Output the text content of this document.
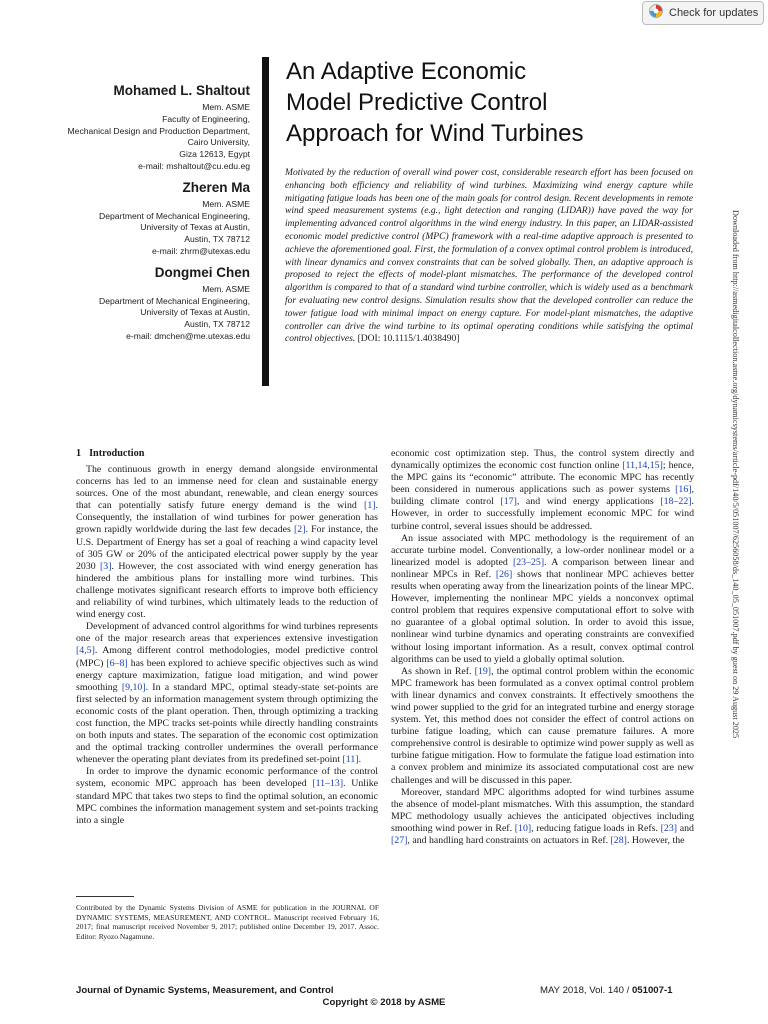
Check for updates
Mohamed L. Shaltout
Mem. ASME
Faculty of Engineering,
Mechanical Design and Production Department,
Cairo University,
Giza 12613, Egypt
e-mail: mshaltout@cu.edu.eg
Zheren Ma
Mem. ASME
Department of Mechanical Engineering,
University of Texas at Austin,
Austin, TX 78712
e-mail: zhrm@utexas.edu
Dongmei Chen
Mem. ASME
Department of Mechanical Engineering,
University of Texas at Austin,
Austin, TX 78712
e-mail: dmchen@me.utexas.edu
An Adaptive Economic
Model Predictive Control
Approach for Wind Turbines

Motivated by the reduction of overall wind power cost, considerable research effort has been focused on enhancing both efficiency and reliability of wind turbines. Maximizing wind energy capture while mitigating fatigue loads has been one of the main goals for control design. Recent developments in remote wind speed measurement systems (e.g., light detection and ranging (LIDAR)) have paved the way for implementing advanced control algorithms in the wind energy industry. In this paper, an LIDAR-assisted economic model predictive control (MPC) framework with a real-time adaptive approach is presented to achieve the aforementioned goal. First, the formulation of a convex optimal control problem is introduced, with linear dynamics and convex constraints that can be solved globally. Then, an adaptive approach is proposed to reject the effects of model-plant mismatches. The performance of the developed control algorithm is compared to that of a standard wind turbine controller, which is widely used as a benchmark for evaluating new control designs. Simulation results show that the developed controller can reduce the tower fatigue load with minimal impact on energy capture. For model-plant mismatches, the adaptive controller can drive the wind turbine to its optimal operating conditions while satisfying the optimal control objectives. [DOI: 10.1115/1.4038490]	Downloaded from http://asmedigitalcollection.asme.org/dynamicsystems/article-pdf/140/5/051007/6256058/ds_140_05_051007.pdf by guest on 29 August 2025
1 Introduction

The continuous growth in energy demand alongside environmental concerns has led to an immense need for clean and sustainable energy sources. One of the most abundant, renewable, and clean energy sources that can potentially satisfy future energy demand is the wind [1]. Consequently, the installation of wind turbines for power generation has grown rapidly worldwide during the last few decades [2]. For instance, the U.S. Department of Energy has set a goal of reaching a wind capacity level of 305 GW or 20% of the anticipated electrical power supply by the year 2030 [3]. However, the cost associated with wind energy generation has hindered the ambitious plans for installing more wind turbines. This challenge motivates significant research efforts to improve both efficiency and reliability of wind turbines, which ultimately leads to the reduction of wind energy cost.

Development of advanced control algorithms for wind turbines represents one of the major research areas that experiences extensive investigation [4,5]. Among different control methodologies, model predictive control (MPC) [6–8] has been explored to achieve specific objectives such as wind energy capture maximization, fatigue load mitigation, and wind power smoothing [9,10]. In a standard MPC, optimal steady-state set-points are first selected by an information management system through optimizing the economic costs of the plant operation. Then, through optimizing a tracking cost function, the MPC tracks set-points while directly handling constraints on both inputs and states. The separation of the economic cost optimization and the optimal tracking controller undermines the overall performance whenever the operating plant deviates from its predefined set-point [11].

In order to improve the dynamic economic performance of the control system, economic MPC approach has been developed [11–13]. Unlike standard MPC that takes two steps to find the optimal solution, an economic MPC combines the information management system and set-points tracking into a single

economic cost optimization step. Thus, the control system directly and dynamically optimizes the economic cost function online [11,14,15]; hence, the MPC gains its “economic” attribute. The economic MPC has recently been considered in numerous applications such as power systems [16], building climate control [17], and wind energy applications [18–22]. However, in order to successfully implement economic MPC for wind turbine control, several issues should be addressed.

An issue associated with MPC methodology is the requirement of an accurate turbine model. Conventionally, a low-order nonlinear model or a linearized model is adopted [23–25]. A comparison between linear and nonlinear MPCs in Ref. [26] shows that nonlinear MPC achieves better results when operating away from the linearization points of the linear MPC. However, implementing the nonlinear MPC yields a nonconvex optimal control problem that requires expensive computational effort to solve with no guarantee of a global optimal solution. In order to avoid this issue, nonlinear wind turbine dynamics and operating constraints are convexified without losing important information. As a result, convex optimal control algorithms can be used to yield a globally optimal solution.

As shown in Ref. [19], the optimal control problem within the economic MPC framework has been formulated as a convex optimal control problem with linear dynamics and convex constraints. It effectively smoothens the wind power supplied to the grid for an integrated turbine and energy storage system. Yet, this method does not consider the effect of control actions on turbine fatigue loading, which can cause premature failures. A more comprehensive control is desirable to optimize wind power supply as well as turbine fatigue mitigation. How to formulate the fatigue load estimation into a convex problem and minimize its associated computational cost are new challenges and will be discussed in this paper.

Moreover, standard MPC algorithms adopted for wind turbines assume the absence of model-plant mismatches. With this assumption, the standard MPC methodology usually achieves the anticipated objectives including smoothing wind power in Ref. [10], reducing fatigue loads in Refs. [23] and [27], and handling hard constraints on actuators in Ref. [28]. However, the

Contributed by the Dynamic Systems Division of ASME for publication in the JOURNAL OF DYNAMIC SYSTEMS, MEASUREMENT, AND CONTROL. Manuscript received February 16, 2017; final manuscript received November 9, 2017; published online December 19, 2017. Assoc. Editor: Ryozo Nagamune.

Journal of Dynamic Systems, Measurement, and Control	MAY 2018, Vol. 140 / 051007-1
Copyright © 2018 by ASME
